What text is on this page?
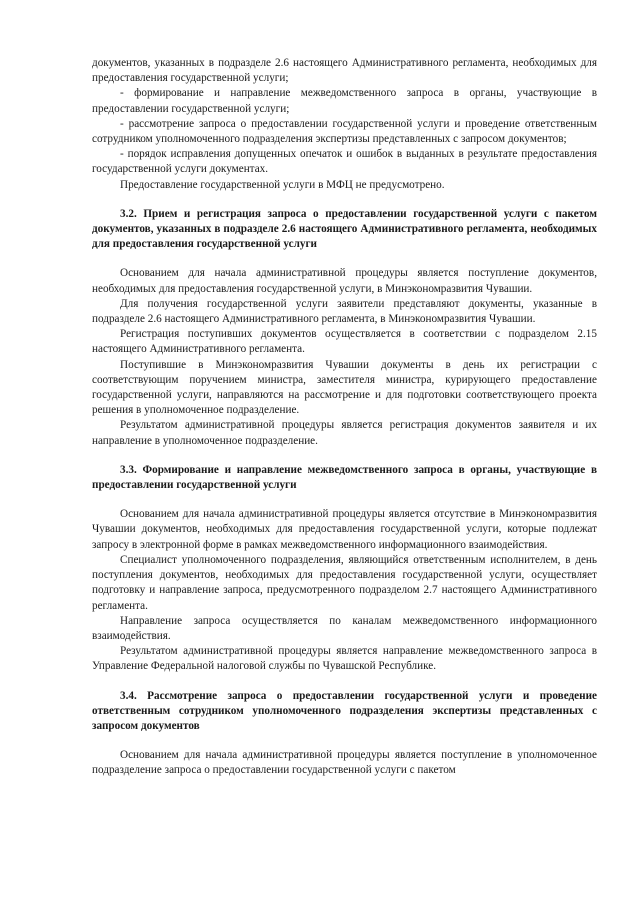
документов, указанных в подразделе 2.6 настоящего Административного регламента, необходимых для предоставления государственной услуги;

- формирование и направление межведомственного запроса в органы, участвующие в предоставлении государственной услуги;

- рассмотрение запроса о предоставлении государственной услуги и проведение ответственным сотрудником уполномоченного подразделения экспертизы представленных с запросом документов;

- порядок исправления допущенных опечаток и ошибок в выданных в результате предоставления государственной услуги документах.

Предоставление государственной услуги в МФЦ не предусмотрено.

3.2. Прием и регистрация запроса о предоставлении государственной услуги с пакетом документов, указанных в подразделе 2.6 настоящего Административного регламента, необходимых для предоставления государственной услуги

Основанием для начала административной процедуры является поступление документов, необходимых для предоставления государственной услуги, в Минэкономразвития Чувашии.

Для получения государственной услуги заявители представляют документы, указанные в подразделе 2.6 настоящего Административного регламента, в Минэкономразвития Чувашии.

Регистрация поступивших документов осуществляется в соответствии с подразделом 2.15 настоящего Административного регламента.

Поступившие в Минэкономразвития Чувашии документы в день их регистрации с соответствующим поручением министра, заместителя министра, курирующего предоставление государственной услуги, направляются на рассмотрение и для подготовки соответствующего проекта решения в уполномоченное подразделение.

Результатом административной процедуры является регистрация документов заявителя и их направление в уполномоченное подразделение.

3.3. Формирование и направление межведомственного запроса в органы, участвующие в предоставлении государственной услуги

Основанием для начала административной процедуры является отсутствие в Минэкономразвития Чувашии документов, необходимых для предоставления государственной услуги, которые подлежат запросу в электронной форме в рамках межведомственного информационного взаимодействия.

Специалист уполномоченного подразделения, являющийся ответственным исполнителем, в день поступления документов, необходимых для предоставления государственной услуги, осуществляет подготовку и направление запроса, предусмотренного подразделом 2.7 настоящего Административного регламента.

Направление запроса осуществляется по каналам межведомственного информационного взаимодействия.

Результатом административной процедуры является направление межведомственного запроса в Управление Федеральной налоговой службы по Чувашской Республике.

3.4. Рассмотрение запроса о предоставлении государственной услуги и проведение ответственным сотрудником уполномоченного подразделения экспертизы представленных с запросом документов

Основанием для начала административной процедуры является поступление в уполномоченное подразделение запроса о предоставлении государственной услуги с пакетом
